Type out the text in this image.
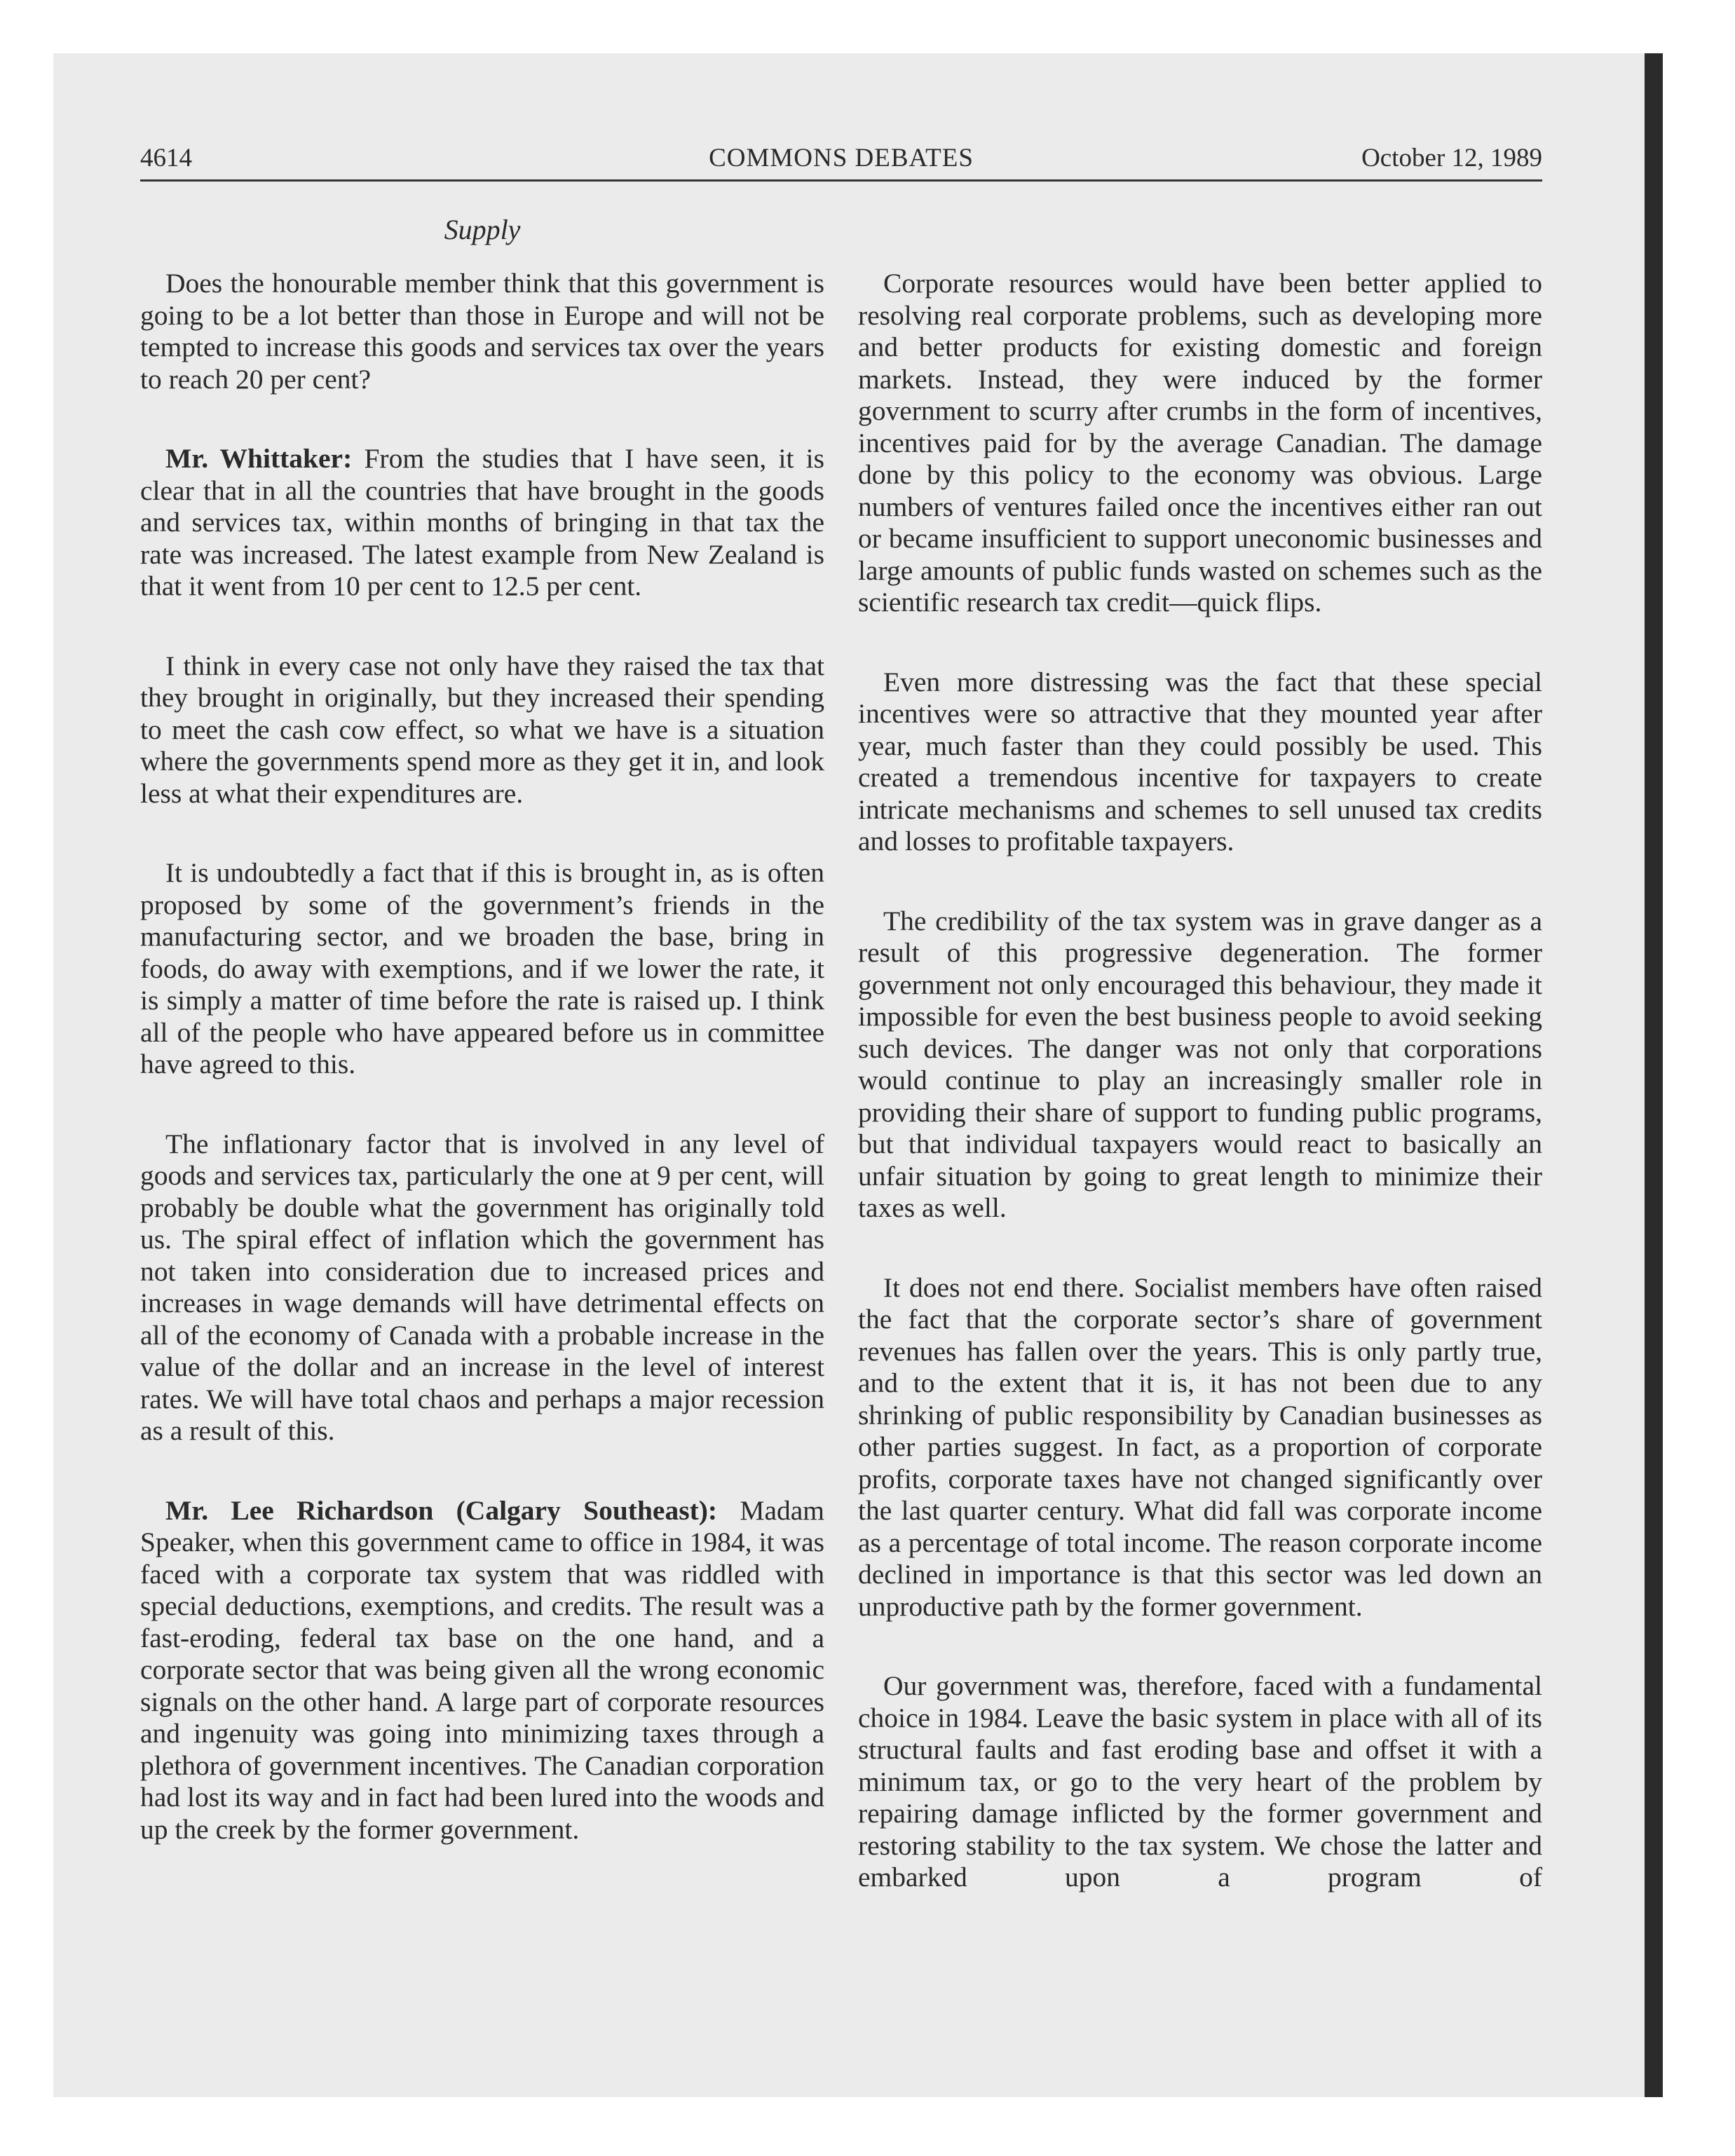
4614	COMMONS DEBATES	October 12, 1989
Supply

Does the honourable member think that this government is going to be a lot better than those in Europe and will not be tempted to increase this goods and services tax over the years to reach 20 per cent?

Mr. Whittaker: From the studies that I have seen, it is clear that in all the countries that have brought in the goods and services tax, within months of bringing in that tax the rate was increased. The latest example from New Zealand is that it went from 10 per cent to 12.5 per cent.

I think in every case not only have they raised the tax that they brought in originally, but they increased their spending to meet the cash cow effect, so what we have is a situation where the governments spend more as they get it in, and look less at what their expenditures are.

It is undoubtedly a fact that if this is brought in, as is often proposed by some of the government’s friends in the manufacturing sector, and we broaden the base, bring in foods, do away with exemptions, and if we lower the rate, it is simply a matter of time before the rate is raised up. I think all of the people who have appeared before us in committee have agreed to this.

The inflationary factor that is involved in any level of goods and services tax, particularly the one at 9 per cent, will probably be double what the government has originally told us. The spiral effect of inflation which the government has not taken into consideration due to increased prices and increases in wage demands will have detrimental effects on all of the economy of Canada with a probable increase in the value of the dollar and an increase in the level of interest rates. We will have total chaos and perhaps a major recession as a result of this.

Mr. Lee Richardson (Calgary Southeast): Madam Speaker, when this government came to office in 1984, it was faced with a corporate tax system that was riddled with special deductions, exemptions, and credits. The result was a fast-eroding, federal tax base on the one hand, and a corporate sector that was being given all the wrong economic signals on the other hand. A large part of corporate resources and ingenuity was going into minimizing taxes through a plethora of government incentives. The Canadian corporation had lost its way and in fact had been lured into the woods and up the creek by the former government.

Corporate resources would have been better applied to resolving real corporate problems, such as developing more and better products for existing domestic and foreign markets. Instead, they were induced by the former government to scurry after crumbs in the form of incentives, incentives paid for by the average Canadian. The damage done by this policy to the economy was obvious. Large numbers of ventures failed once the incentives either ran out or became insufficient to support uneconomic businesses and large amounts of public funds wasted on schemes such as the scientific research tax credit—quick flips.

Even more distressing was the fact that these special incentives were so attractive that they mounted year after year, much faster than they could possibly be used. This created a tremendous incentive for taxpayers to create intricate mechanisms and schemes to sell unused tax credits and losses to profitable taxpayers.

The credibility of the tax system was in grave danger as a result of this progressive degeneration. The former government not only encouraged this behaviour, they made it impossible for even the best business people to avoid seeking such devices. The danger was not only that corporations would continue to play an increasingly smaller role in providing their share of support to funding public programs, but that individual taxpayers would react to basically an unfair situation by going to great length to minimize their taxes as well.

It does not end there. Socialist members have often raised the fact that the corporate sector’s share of government revenues has fallen over the years. This is only partly true, and to the extent that it is, it has not been due to any shrinking of public responsibility by Canadian businesses as other parties suggest. In fact, as a proportion of corporate profits, corporate taxes have not changed significantly over the last quarter century. What did fall was corporate income as a percentage of total income. The reason corporate income declined in importance is that this sector was led down an unproductive path by the former government.

Our government was, therefore, faced with a fundamental choice in 1984. Leave the basic system in place with all of its structural faults and fast eroding base and offset it with a minimum tax, or go to the very heart of the problem by repairing damage inflicted by the former government and restoring stability to the tax system. We chose the latter and embarked upon a program of
